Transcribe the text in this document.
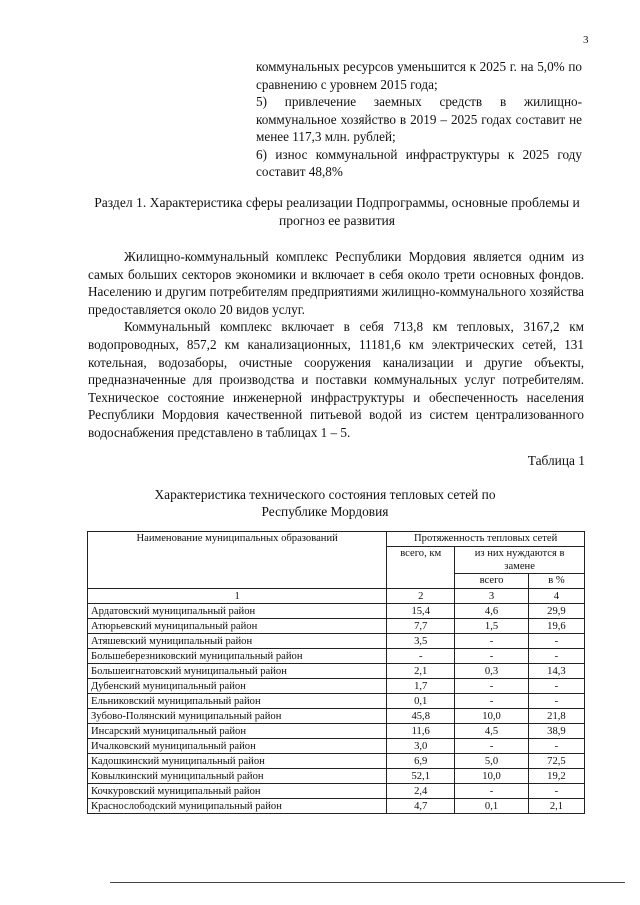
3

коммунальных ресурсов уменьшится к 2025 г. на 5,0% по сравнению с уровнем 2015 года;

5) привлечение заемных средств в жилищно-коммунальное хозяйство в 2019 – 2025 годах составит не менее 117,3 млн. рублей;

6) износ коммунальной инфраструктуры к 2025 году составит 48,8%

Раздел 1. Характеристика сферы реализации Подпрограммы, основные проблемы и прогноз ее развития

Жилищно-коммунальный комплекс Республики Мордовия является одним из самых больших секторов экономики и включает в себя около трети основных фондов. Населению и другим потребителям предприятиями жилищно-коммунального хозяйства предоставляется около 20 видов услуг.

Коммунальный комплекс включает в себя 713,8 км тепловых, 3167,2 км водопроводных, 857,2 км канализационных, 11181,6 км электрических сетей, 131 котельная, водозаборы, очистные сооружения канализации и другие объекты, предназначенные для производства и поставки коммунальных услуг потребителям. Техническое состояние инженерной инфраструктуры и обеспеченность населения Республики Мордовия качественной питьевой водой из систем централизованного водоснабжения представлено в таблицах 1 – 5.

Таблица 1
Характеристика технического состояния тепловых сетей по Республике Мордовия
Наименование муниципальных образований	Протяженность тепловых сетей		
	всего, км	из них нуждаются в замене	
		всего	в %
1	2	3	4
Ардатовский муниципальный район	15,4	4,6	29,9
Атюрьевский муниципальный район	7,7	1,5	19,6
Атяшевский муниципальный район	3,5	-	-
Большеберезниковский муниципальный район	-	-	-
Большеигнатовский муниципальный район	2,1	0,3	14,3
Дубенский муниципальный район	1,7	-	-
Ельниковский муниципальный район	0,1	-	-
Зубово-Полянский муниципальный район	45,8	10,0	21,8
Инсарский муниципальный район	11,6	4,5	38,9
Ичалковский муниципальный район	3,0	-	-
Кадошкинский муниципальный район	6,9	5,0	72,5
Ковылкинский муниципальный район	52,1	10,0	19,2
Кочкуровский муниципальный район	2,4	-	-
Краснослободский муниципальный район	4,7	0,1	2,1
